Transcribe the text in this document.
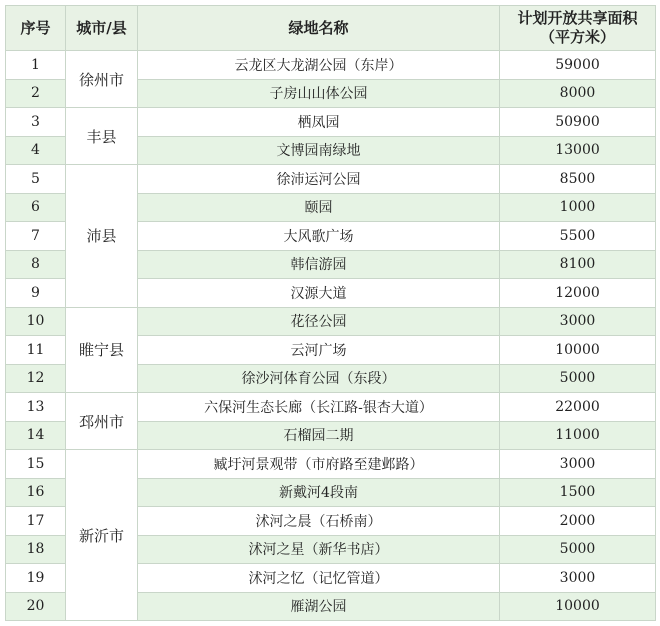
序号	城市/县	绿地名称	计划开放共享面积
（平方米）

1	徐州市	云龙区大龙湖公园（东岸）	59000
2		子房山山体公园	8000
3	丰县	栖凤园	50900
4		文博园南绿地	13000
5	沛县	徐沛运河公园	8500
6		颐园	1000
7		大风歌广场	5500
8		韩信游园	8100
9		汉源大道	12000
10	睢宁县	花径公园	3000
11		云河广场	10000
12		徐沙河体育公园（东段）	5000
13	邳州市	六保河生态长廊（长江路-银杏大道）	22000
14		石榴园二期	11000
15	新沂市	臧圩河景观带（市府路至建邺路）	3000
16		新戴河4段南	1500
17		沭河之晨（石桥南）	2000
18		沭河之星（新华书店）	5000
19		沭河之忆（记忆管道）	3000
20		雁湖公园	10000
